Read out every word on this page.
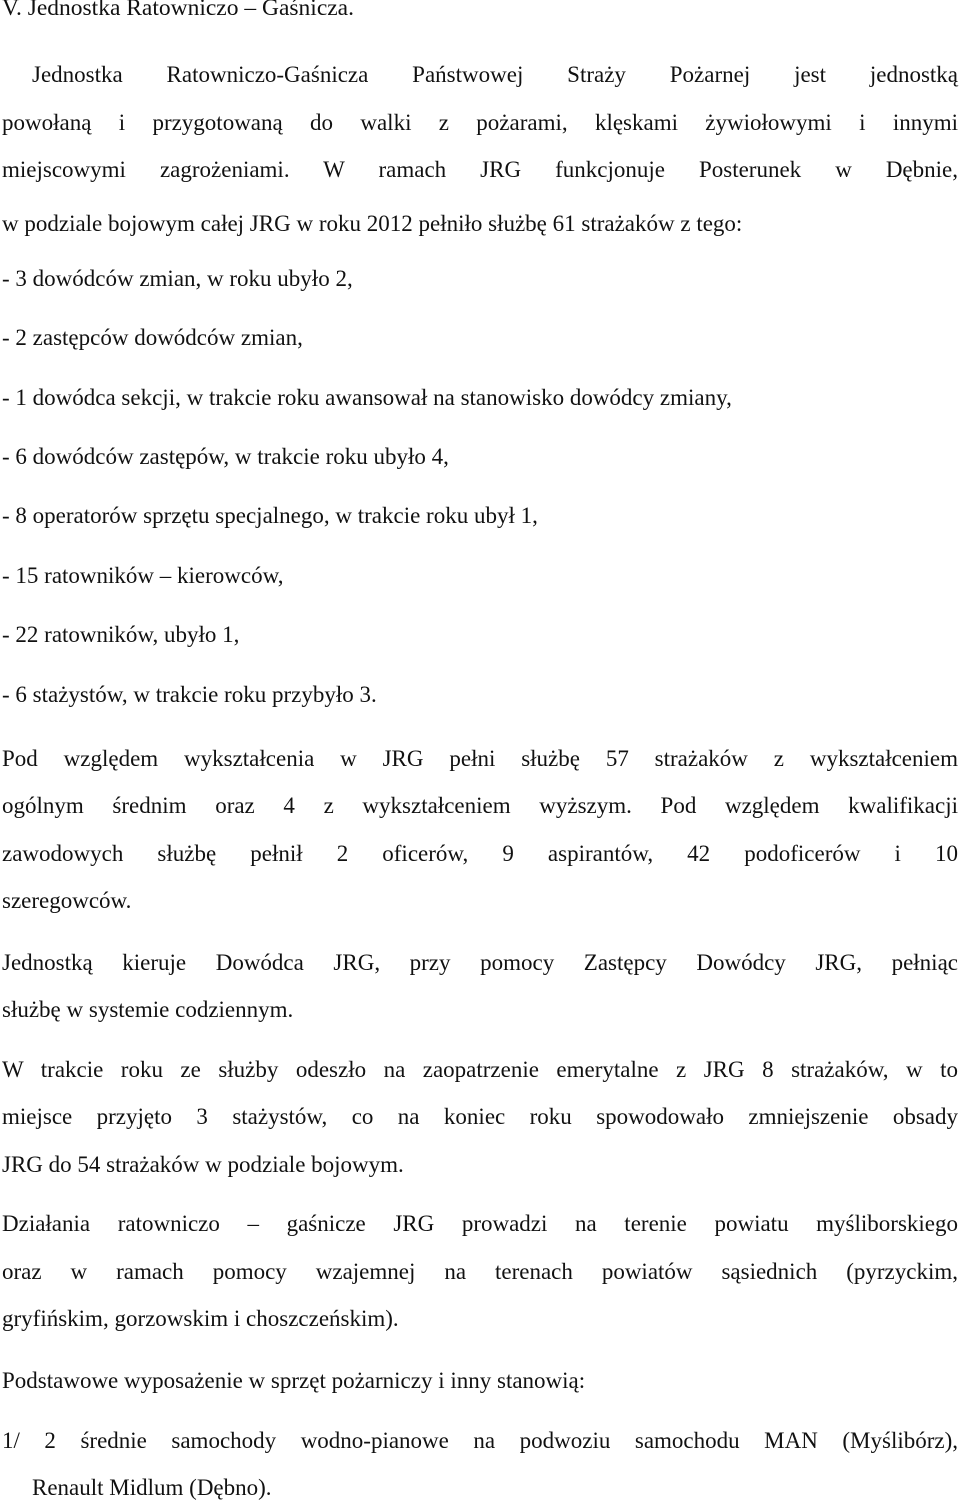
V. Jednostka Ratowniczo – Gaśnicza.
Jednostka Ratowniczo-Gaśnicza Państwowej Straży Pożarnej jest jednostką
powołaną i przygotowaną do walki z pożarami, klęskami żywiołowymi i innymi
miejscowymi zagrożeniami. W ramach JRG funkcjonuje Posterunek w Dębnie,
w podziale bojowym całej JRG w roku 2012 pełniło służbę 61 strażaków z tego:
- 3 dowódców zmian, w roku ubyło 2,
- 2 zastępców dowódców zmian,
- 1 dowódca sekcji, w trakcie roku awansował na stanowisko dowódcy zmiany,
- 6 dowódców zastępów, w trakcie roku ubyło 4,
- 8 operatorów sprzętu specjalnego, w trakcie roku ubył 1,
- 15 ratowników – kierowców,
- 22 ratowników, ubyło 1,
- 6 stażystów, w trakcie roku przybyło 3.
Pod względem wykształcenia w JRG pełni służbę 57 strażaków z wykształceniem
ogólnym średnim oraz 4 z wykształceniem wyższym. Pod względem kwalifikacji
zawodowych służbę pełnił 2 oficerów, 9 aspirantów, 42 podoficerów i 10
szeregowców.
Jednostką kieruje Dowódca JRG, przy pomocy Zastępcy Dowódcy JRG, pełniąc
służbę w systemie codziennym.
W trakcie roku ze służby odeszło na zaopatrzenie emerytalne z JRG 8 strażaków, w to
miejsce przyjęto 3 stażystów, co na koniec roku spowodowało zmniejszenie obsady
JRG do 54 strażaków w podziale bojowym.
Działania ratowniczo – gaśnicze JRG prowadzi na terenie powiatu myśliborskiego
oraz w ramach pomocy wzajemnej na terenach powiatów sąsiednich (pyrzyckim,
gryfińskim, gorzowskim i choszczeńskim).
Podstawowe wyposażenie w sprzęt pożarniczy i inny stanowią:
1/ 2 średnie samochody wodno-pianowe na podwoziu samochodu MAN (Myślibórz),
Renault Midlum (Dębno).
